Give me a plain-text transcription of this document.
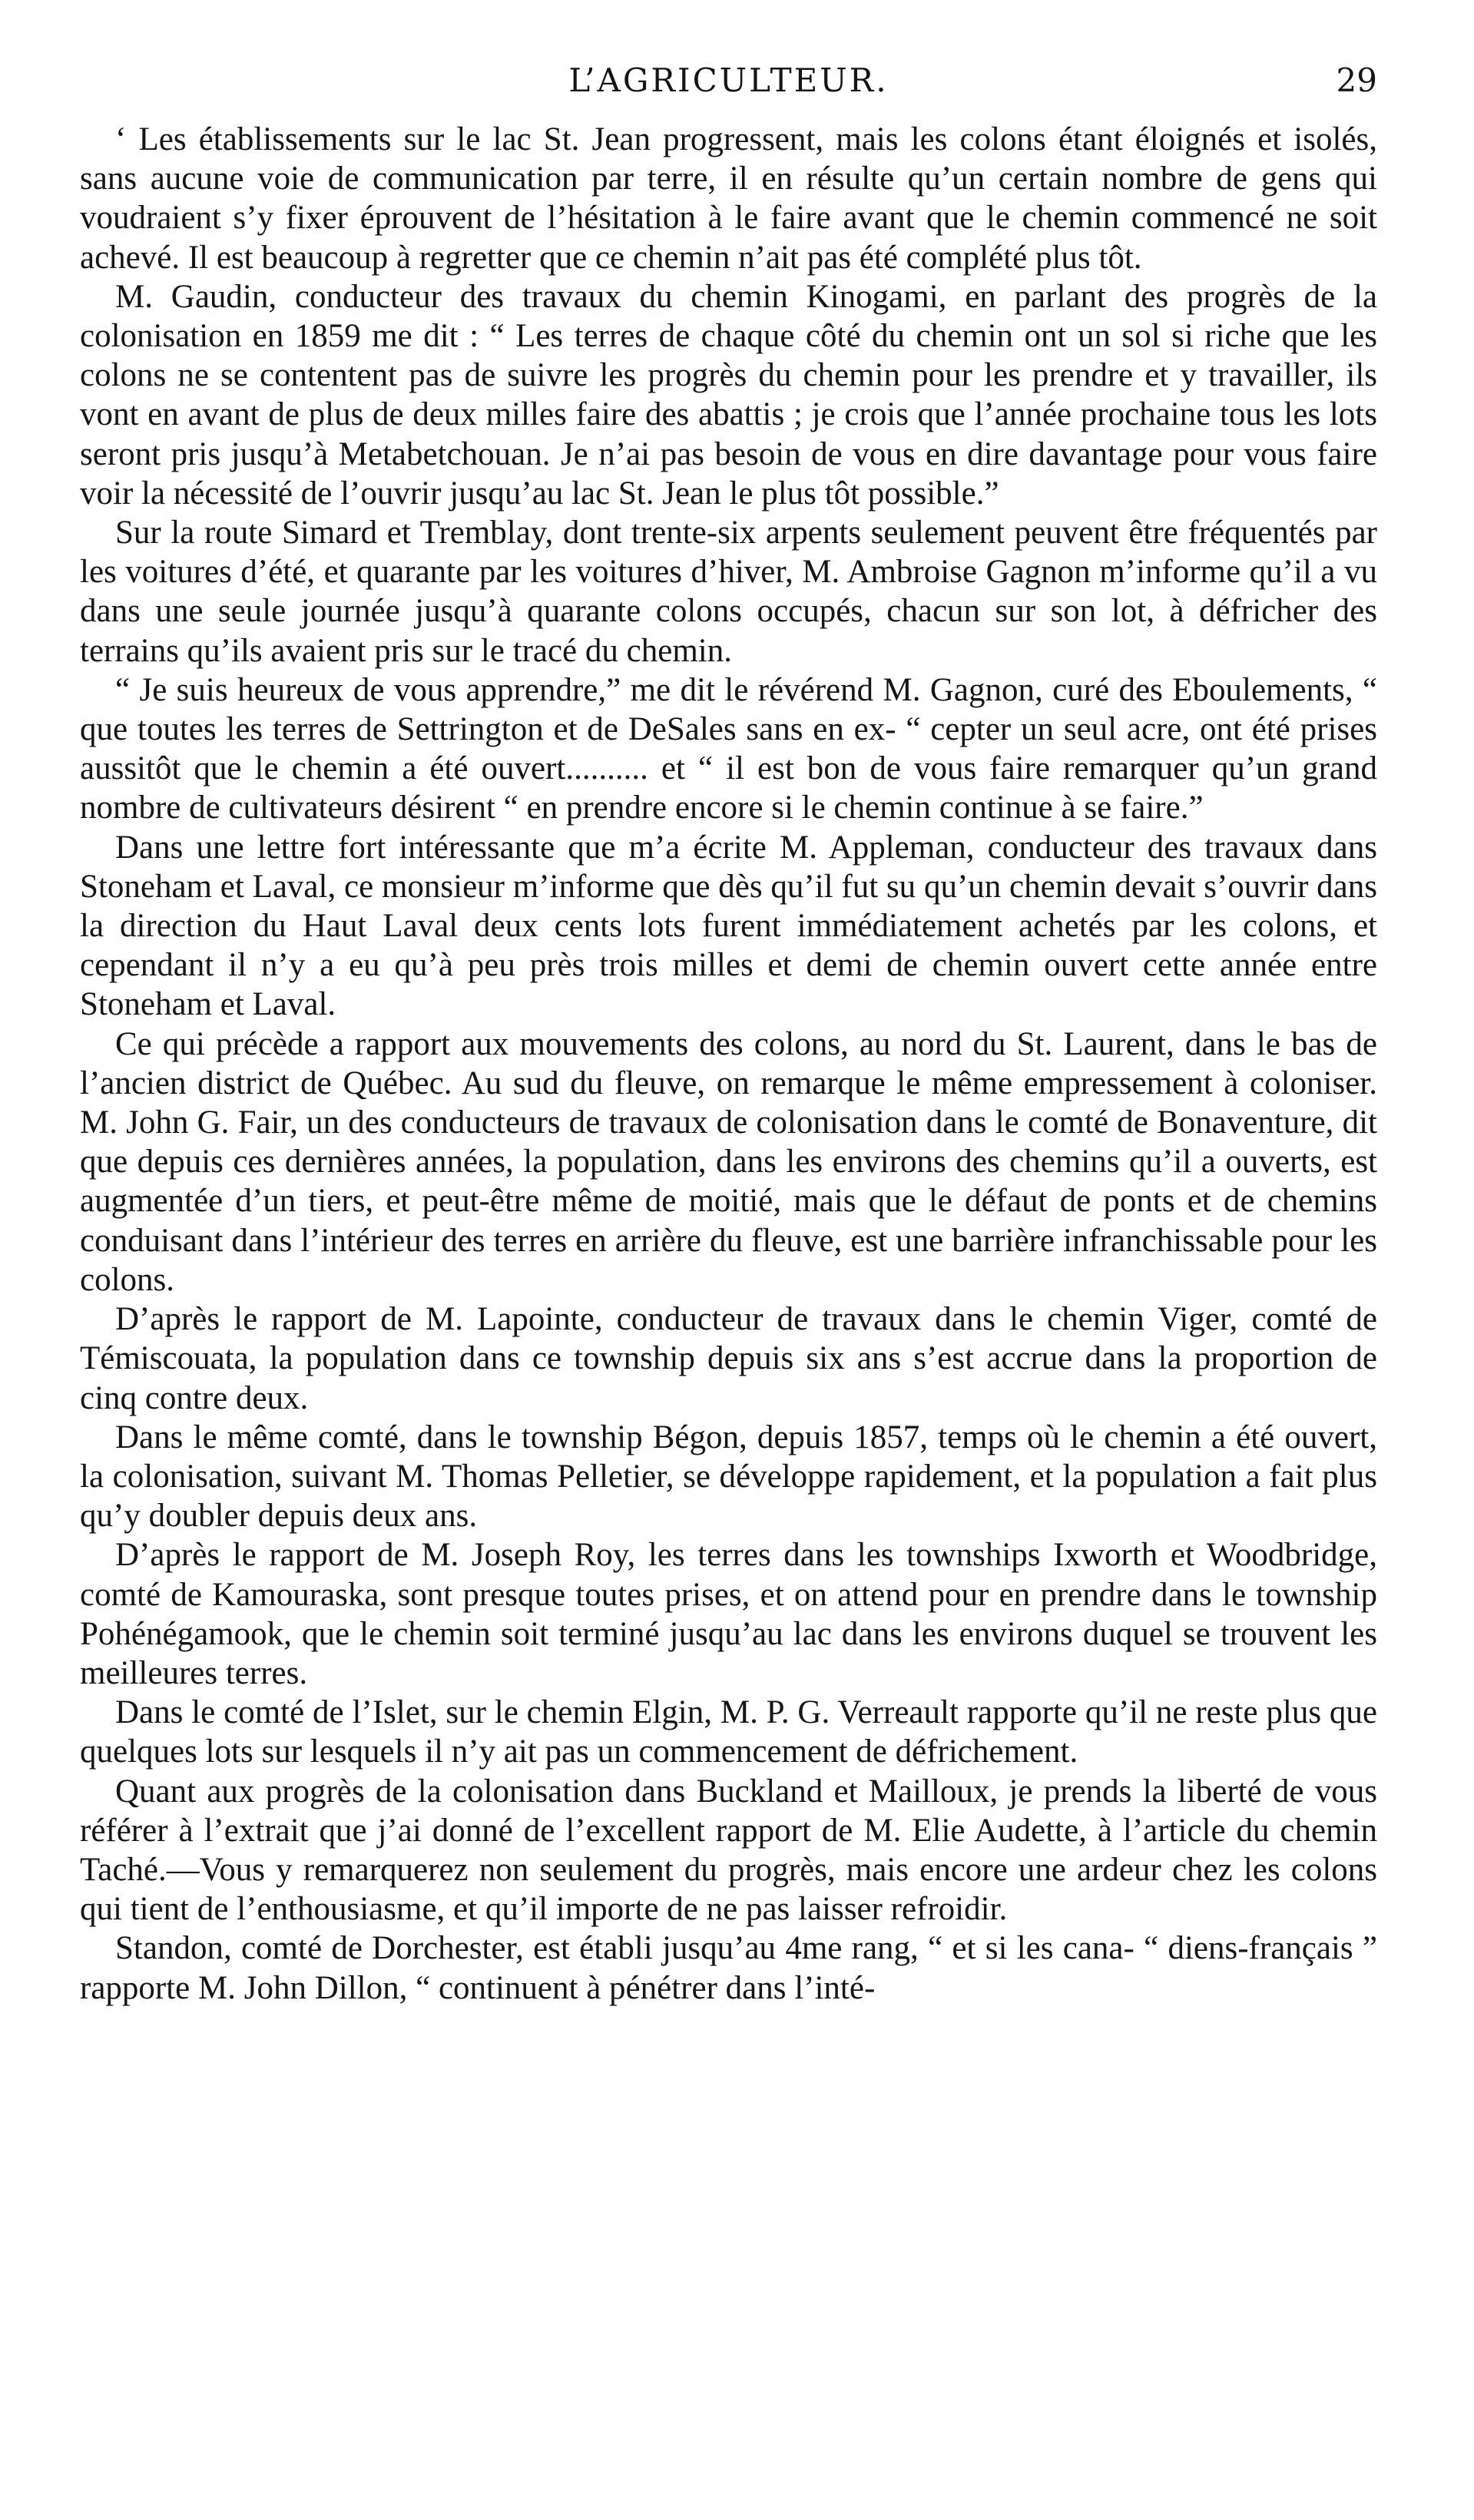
L’AGRICULTEUR.	29

‘ Les établissements sur le lac St. Jean progressent, mais les colons étant éloignés et isolés, sans aucune voie de communication par terre, il en résulte qu’un certain nombre de gens qui voudraient s’y fixer éprouvent de l’hésitation à le faire avant que le chemin commencé ne soit achevé. Il est beaucoup à regretter que ce chemin n’ait pas été complété plus tôt.

M. Gaudin, conducteur des travaux du chemin Kinogami, en parlant des progrès de la colonisation en 1859 me dit : “ Les terres de chaque côté du chemin ont un sol si riche que les colons ne se contentent pas de suivre les progrès du chemin pour les prendre et y travailler, ils vont en avant de plus de deux milles faire des abattis ; je crois que l’année prochaine tous les lots seront pris jusqu’à Metabetchouan. Je n’ai pas besoin de vous en dire davantage pour vous faire voir la nécessité de l’ouvrir jusqu’au lac St. Jean le plus tôt possible.”

Sur la route Simard et Tremblay, dont trente-six arpents seulement peuvent être fréquentés par les voitures d’été, et quarante par les voitures d’hiver, M. Ambroise Gagnon m’informe qu’il a vu dans une seule journée jusqu’à quarante colons occupés, chacun sur son lot, à défricher des terrains qu’ils avaient pris sur le tracé du chemin.

“ Je suis heureux de vous apprendre,” me dit le révérend M. Gagnon, curé des Eboulements, “ que toutes les terres de Settrington et de DeSales sans en ex- “ cepter un seul acre, ont été prises aussitôt que le chemin a été ouvert.......... et “ il est bon de vous faire remarquer qu’un grand nombre de cultivateurs désirent “ en prendre encore si le chemin continue à se faire.”

Dans une lettre fort intéressante que m’a écrite M. Appleman, conducteur des travaux dans Stoneham et Laval, ce monsieur m’informe que dès qu’il fut su qu’un chemin devait s’ouvrir dans la direction du Haut Laval deux cents lots furent immédiatement achetés par les colons, et cependant il n’y a eu qu’à peu près trois milles et demi de chemin ouvert cette année entre Stoneham et Laval.

Ce qui précède a rapport aux mouvements des colons, au nord du St. Laurent, dans le bas de l’ancien district de Québec. Au sud du fleuve, on remarque le même empressement à coloniser. M. John G. Fair, un des conducteurs de travaux de colonisation dans le comté de Bonaventure, dit que depuis ces dernières années, la population, dans les environs des chemins qu’il a ouverts, est augmentée d’un tiers, et peut-être même de moitié, mais que le défaut de ponts et de chemins conduisant dans l’intérieur des terres en arrière du fleuve, est une barrière infranchissable pour les colons.

D’après le rapport de M. Lapointe, conducteur de travaux dans le chemin Viger, comté de Témiscouata, la population dans ce township depuis six ans s’est accrue dans la proportion de cinq contre deux.

Dans le même comté, dans le township Bégon, depuis 1857, temps où le chemin a été ouvert, la colonisation, suivant M. Thomas Pelletier, se développe rapidement, et la population a fait plus qu’y doubler depuis deux ans.

D’après le rapport de M. Joseph Roy, les terres dans les townships Ixworth et Woodbridge, comté de Kamouraska, sont presque toutes prises, et on attend pour en prendre dans le township Pohénégamook, que le chemin soit terminé jusqu’au lac dans les environs duquel se trouvent les meilleures terres.

Dans le comté de l’Islet, sur le chemin Elgin, M. P. G. Verreault rapporte qu’il ne reste plus que quelques lots sur lesquels il n’y ait pas un commencement de défrichement.

Quant aux progrès de la colonisation dans Buckland et Mailloux, je prends la liberté de vous référer à l’extrait que j’ai donné de l’excellent rapport de M. Elie Audette, à l’article du chemin Taché.—Vous y remarquerez non seulement du progrès, mais encore une ardeur chez les colons qui tient de l’enthousiasme, et qu’il importe de ne pas laisser refroidir.

Standon, comté de Dorchester, est établi jusqu’au 4me rang, “ et si les cana- “ diens-français ” rapporte M. John Dillon, “ continuent à pénétrer dans l’inté-
